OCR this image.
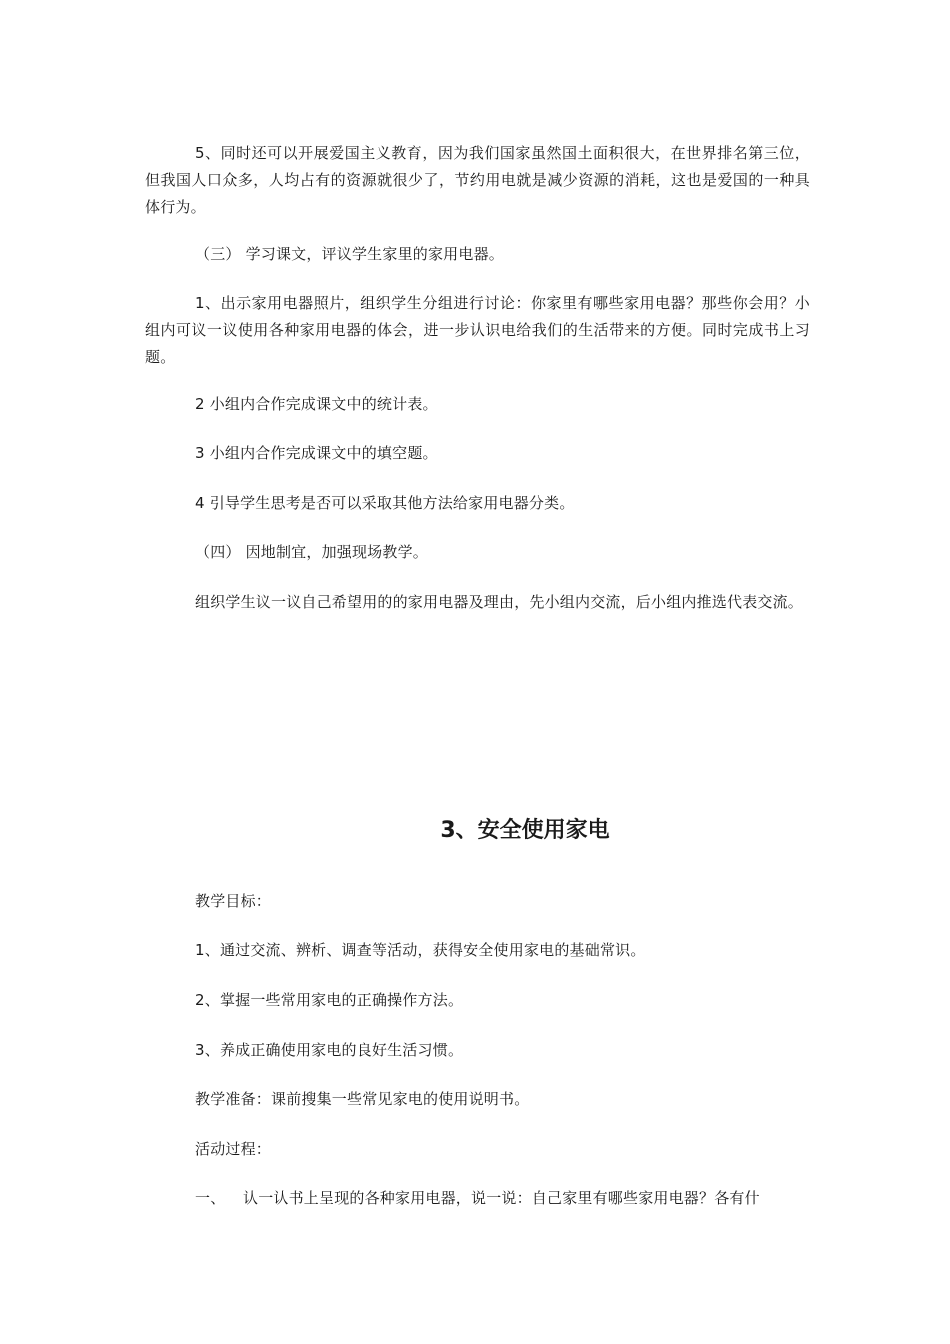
5、同时还可以开展爱国主义教育，因为我们国家虽然国土面积很大，在世界排名第三位，但我国人口众多，人均占有的资源就很少了，节约用电就是减少资源的消耗，这也是爱国的一种具体行为。

（三） 学习课文，评议学生家里的家用电器。

1、出示家用电器照片，组织学生分组进行讨论：你家里有哪些家用电器？那些你会用？小组内可议一议使用各种家用电器的体会，进一步认识电给我们的生活带来的方便。同时完成书上习题。

2 小组内合作完成课文中的统计表。

3 小组内合作完成课文中的填空题。

4 引导学生思考是否可以采取其他方法给家用电器分类。

（四） 因地制宜，加强现场教学。

组织学生议一议自己希望用的的家用电器及理由，先小组内交流，后小组内推选代表交流。

3、安全使用家电

教学目标：

1、通过交流、辨析、调查等活动，获得安全使用家电的基础常识。

2、掌握一些常用家电的正确操作方法。

3、养成正确使用家电的良好生活习惯。

教学准备：课前搜集一些常见家电的使用说明书。

活动过程：

一、 认一认书上呈现的各种家用电器，说一说：自己家里有哪些家用电器？各有什
